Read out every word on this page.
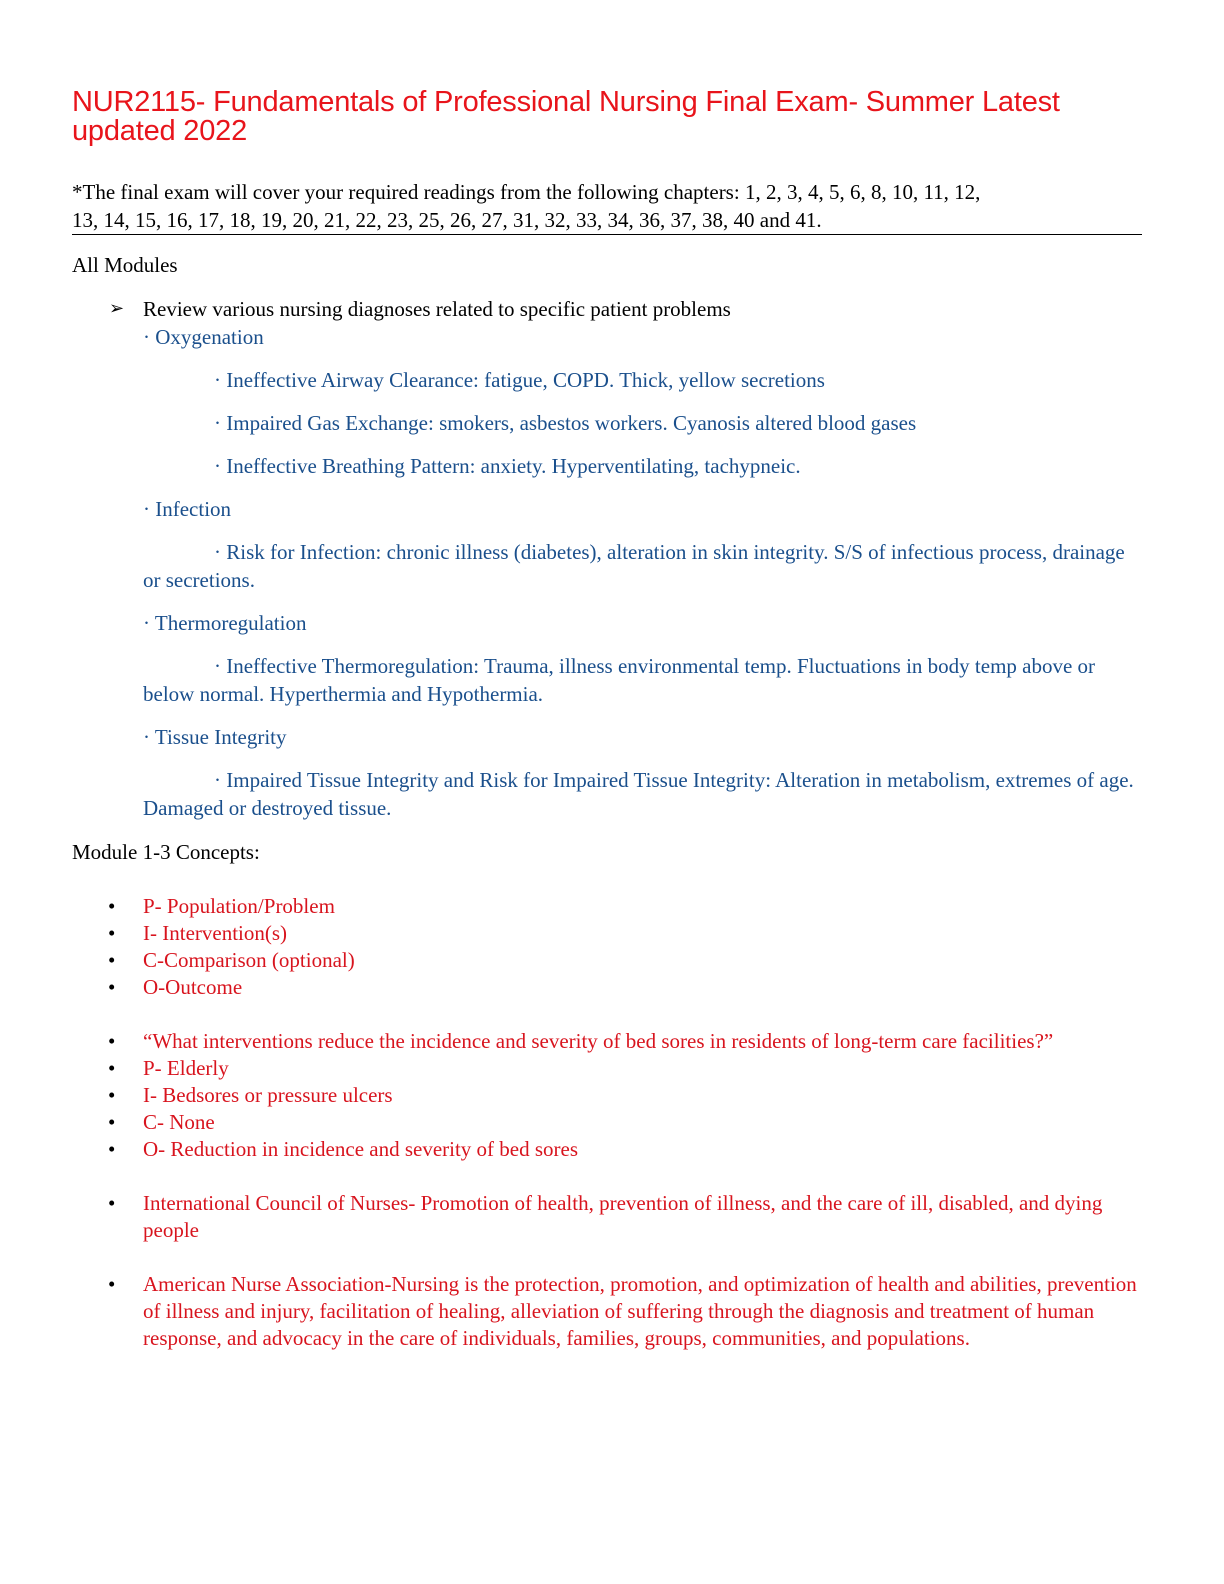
NUR2115- Fundamentals of Professional Nursing Final Exam- Summer Latest
updated 2022
*The final exam will cover your required readings from the following chapters: 1, 2, 3, 4, 5, 6, 8, 10, 11, 12,
13, 14, 15, 16, 17, 18, 19, 20, 21, 22, 23, 25, 26, 27, 31, 32, 33, 34, 36, 37, 38, 40 and 41.
All Modules
➢ Review various nursing diagnoses related to specific patient problems
· Oxygenation
· Ineffective Airway Clearance: fatigue, COPD. Thick, yellow secretions
· Impaired Gas Exchange: smokers, asbestos workers. Cyanosis altered blood gases
· Ineffective Breathing Pattern: anxiety. Hyperventilating, tachypneic.
· Infection
· Risk for Infection: chronic illness (diabetes), alteration in skin integrity. S/S of infectious process, drainage or secretions.
· Thermoregulation
· Ineffective Thermoregulation: Trauma, illness environmental temp. Fluctuations in body temp above or below normal. Hyperthermia and Hypothermia.
· Tissue Integrity
· Impaired Tissue Integrity and Risk for Impaired Tissue Integrity: Alteration in metabolism, extremes of age. Damaged or destroyed tissue.
Module 1-3 Concepts:
• P- Population/Problem
• I- Intervention(s)
• C-Comparison (optional)
• O-Outcome
• “What interventions reduce the incidence and severity of bed sores in residents of long-term care facilities?”
• P- Elderly
• I- Bedsores or pressure ulcers
• C- None
• O- Reduction in incidence and severity of bed sores
• International Council of Nurses- Promotion of health, prevention of illness, and the care of ill, disabled, and dying people
• American Nurse Association-Nursing is the protection, promotion, and optimization of health and abilities, prevention of illness and injury, facilitation of healing, alleviation of suffering through the diagnosis and treatment of human response, and advocacy in the care of individuals, families, groups, communities, and populations.
